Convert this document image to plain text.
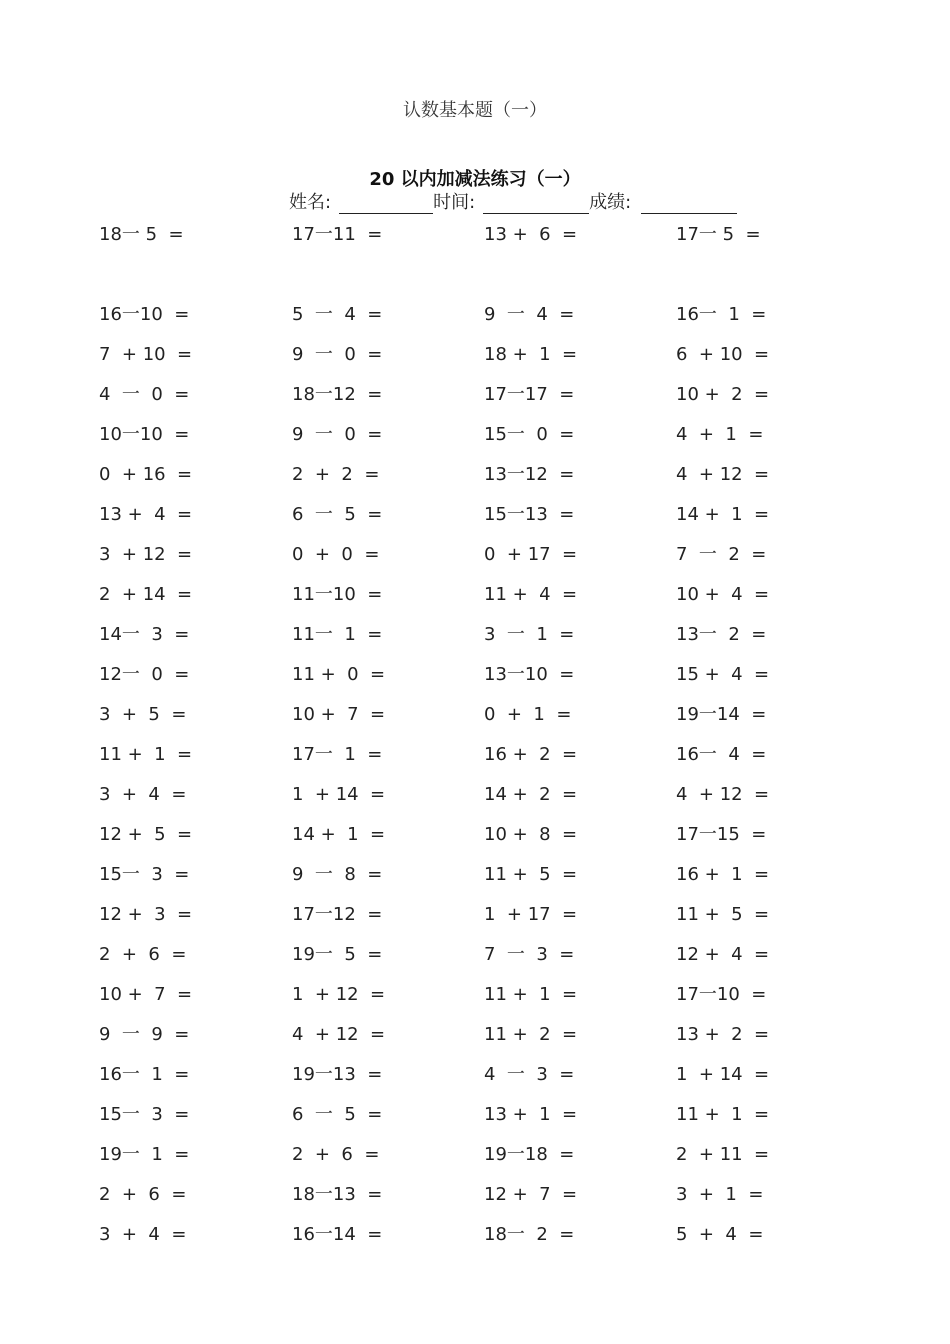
认数基本题（一）
20 以内加减法练习（一）
姓名:	时间:	成绩:
18一 5  =	17一11  =	13 +  6  =	17一 5  =
16一10  =	5  一  4  =	9  一  4  =	16一  1  =
7  + 10  =	9  一  0  =	18 +  1  =	6  + 10  =
4  一  0  =	18一12  =	17一17  =	10 +  2  =
10一10  =	9  一  0  =	15一  0  =	4  +  1  =
0  + 16  =	2  +  2  =	13一12  =	4  + 12  =
13 +  4  =	6  一  5  =	15一13  =	14 +  1  =
3  + 12  =	0  +  0  =	0  + 17  =	7  一  2  =
2  + 14  =	11一10  =	11 +  4  =	10 +  4  =
14一  3  =	11一  1  =	3  一  1  =	13一  2  =
12一  0  =	11 +  0  =	13一10  =	15 +  4  =
3  +  5  =	10 +  7  =	0  +  1  =	19一14  =
11 +  1  =	17一  1  =	16 +  2  =	16一  4  =
3  +  4  =	1  + 14  =	14 +  2  =	4  + 12  =
12 +  5  =	14 +  1  =	10 +  8  =	17一15  =
15一  3  =	9  一  8  =	11 +  5  =	16 +  1  =
12 +  3  =	17一12  =	1  + 17  =	11 +  5  =
2  +  6  =	19一  5  =	7  一  3  =	12 +  4  =
10 +  7  =	1  + 12  =	11 +  1  =	17一10  =
9  一  9  =	4  + 12  =	11 +  2  =	13 +  2  =
16一  1  =	19一13  =	4  一  3  =	1  + 14  =
15一  3  =	6  一  5  =	13 +  1  =	11 +  1  =
19一  1  =	2  +  6  =	19一18  =	2  + 11  =
2  +  6  =	18一13  =	12 +  7  =	3  +  1  =
3  +  4  =	16一14  =	18一  2  =	5  +  4  =
